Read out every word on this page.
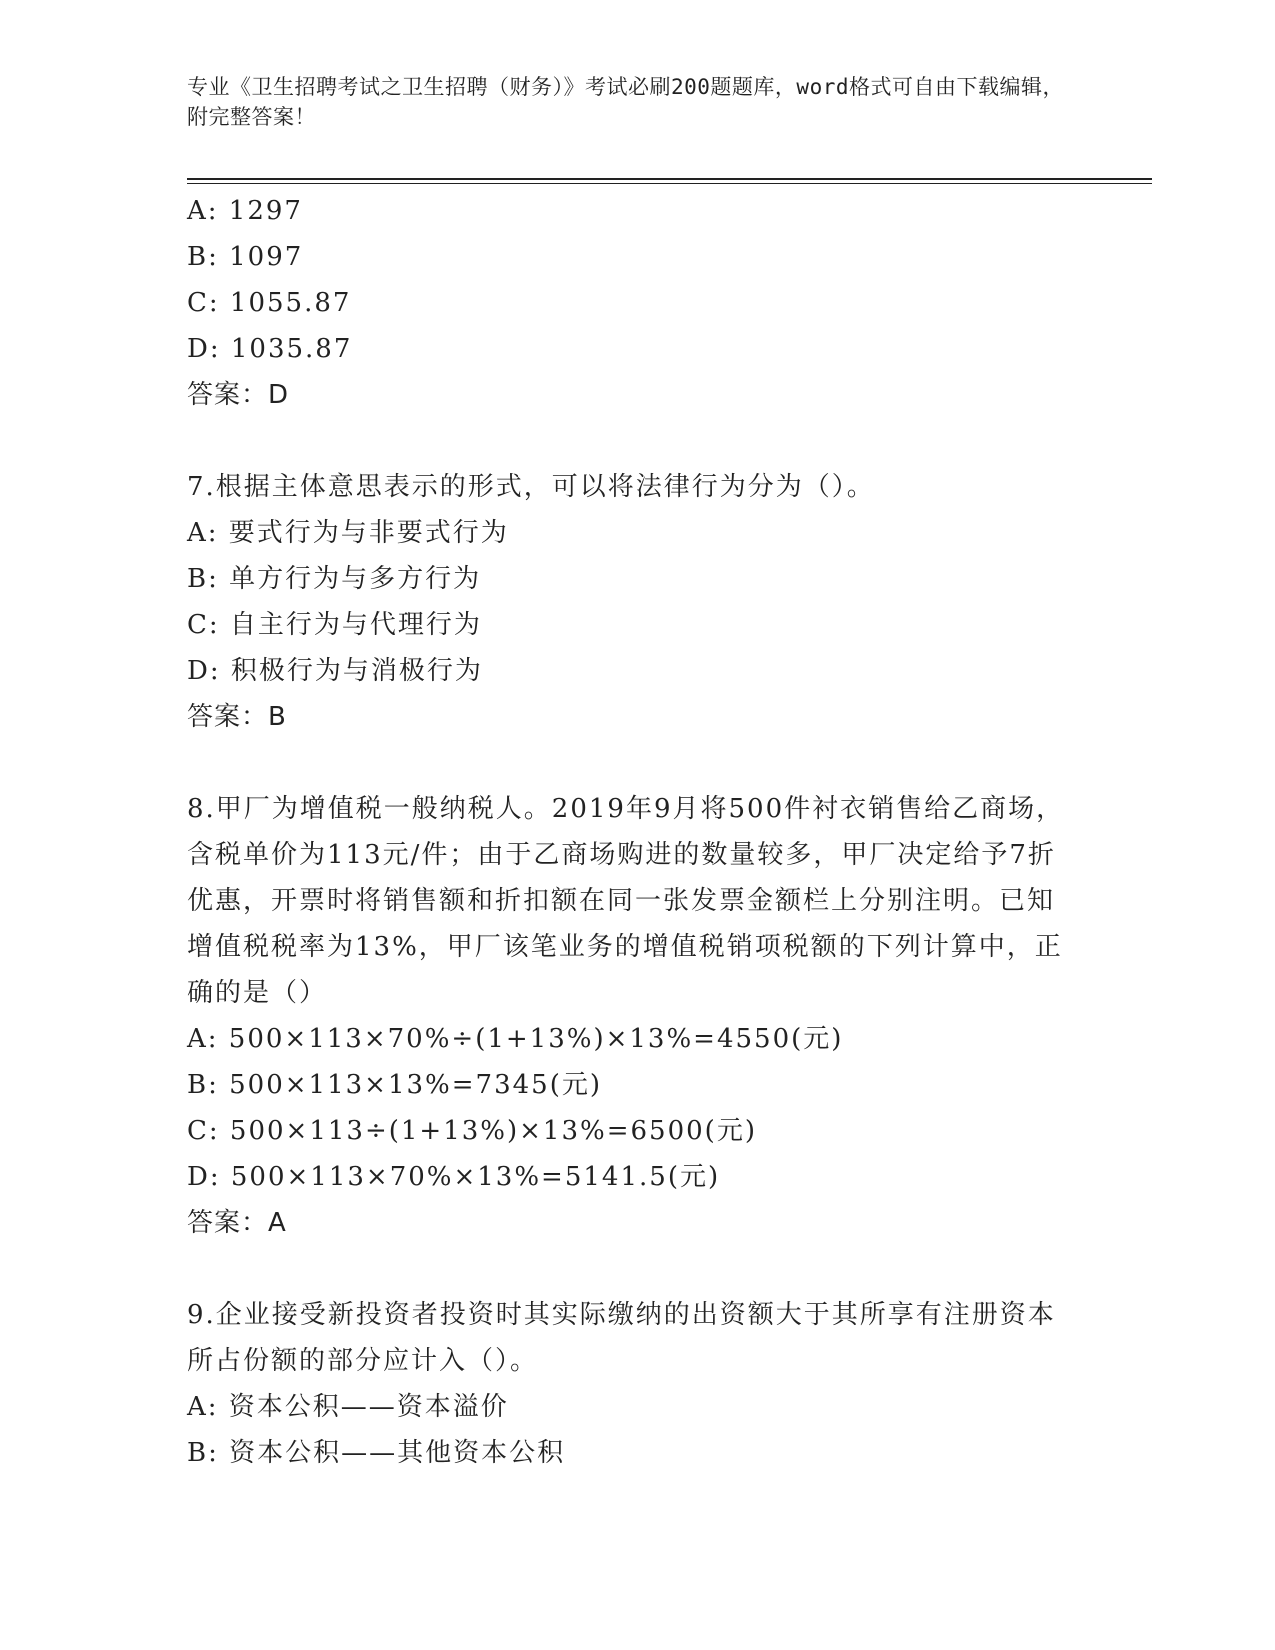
专业《卫生招聘考试之卫生招聘（财务）》考试必刷200题题库，word格式可自由下载编辑，附完整答案！
A: 1297
B: 1097
C: 1055.87
D: 1035.87
答案：D
7.根据主体意思表示的形式，可以将法律行为分为（）。
A: 要式行为与非要式行为
B: 单方行为与多方行为
C: 自主行为与代理行为
D: 积极行为与消极行为
答案：B
8.甲厂为增值税一般纳税人。2019年9月将500件衬衣销售给乙商场，含税单价为113元/件；由于乙商场购进的数量较多，甲厂决定给予7折优惠，开票时将销售额和折扣额在同一张发票金额栏上分别注明。已知增值税税率为13%，甲厂该笔业务的增值税销项税额的下列计算中，正确的是（）
A: 500×113×70%÷(1+13%)×13%=4550(元)
B: 500×113×13%=7345(元)
C: 500×113÷(1+13%)×13%=6500(元)
D: 500×113×70%×13%=5141.5(元)
答案：A
9.企业接受新投资者投资时其实际缴纳的出资额大于其所享有注册资本所占份额的部分应计入（）。
A: 资本公积——资本溢价
B: 资本公积——其他资本公积
